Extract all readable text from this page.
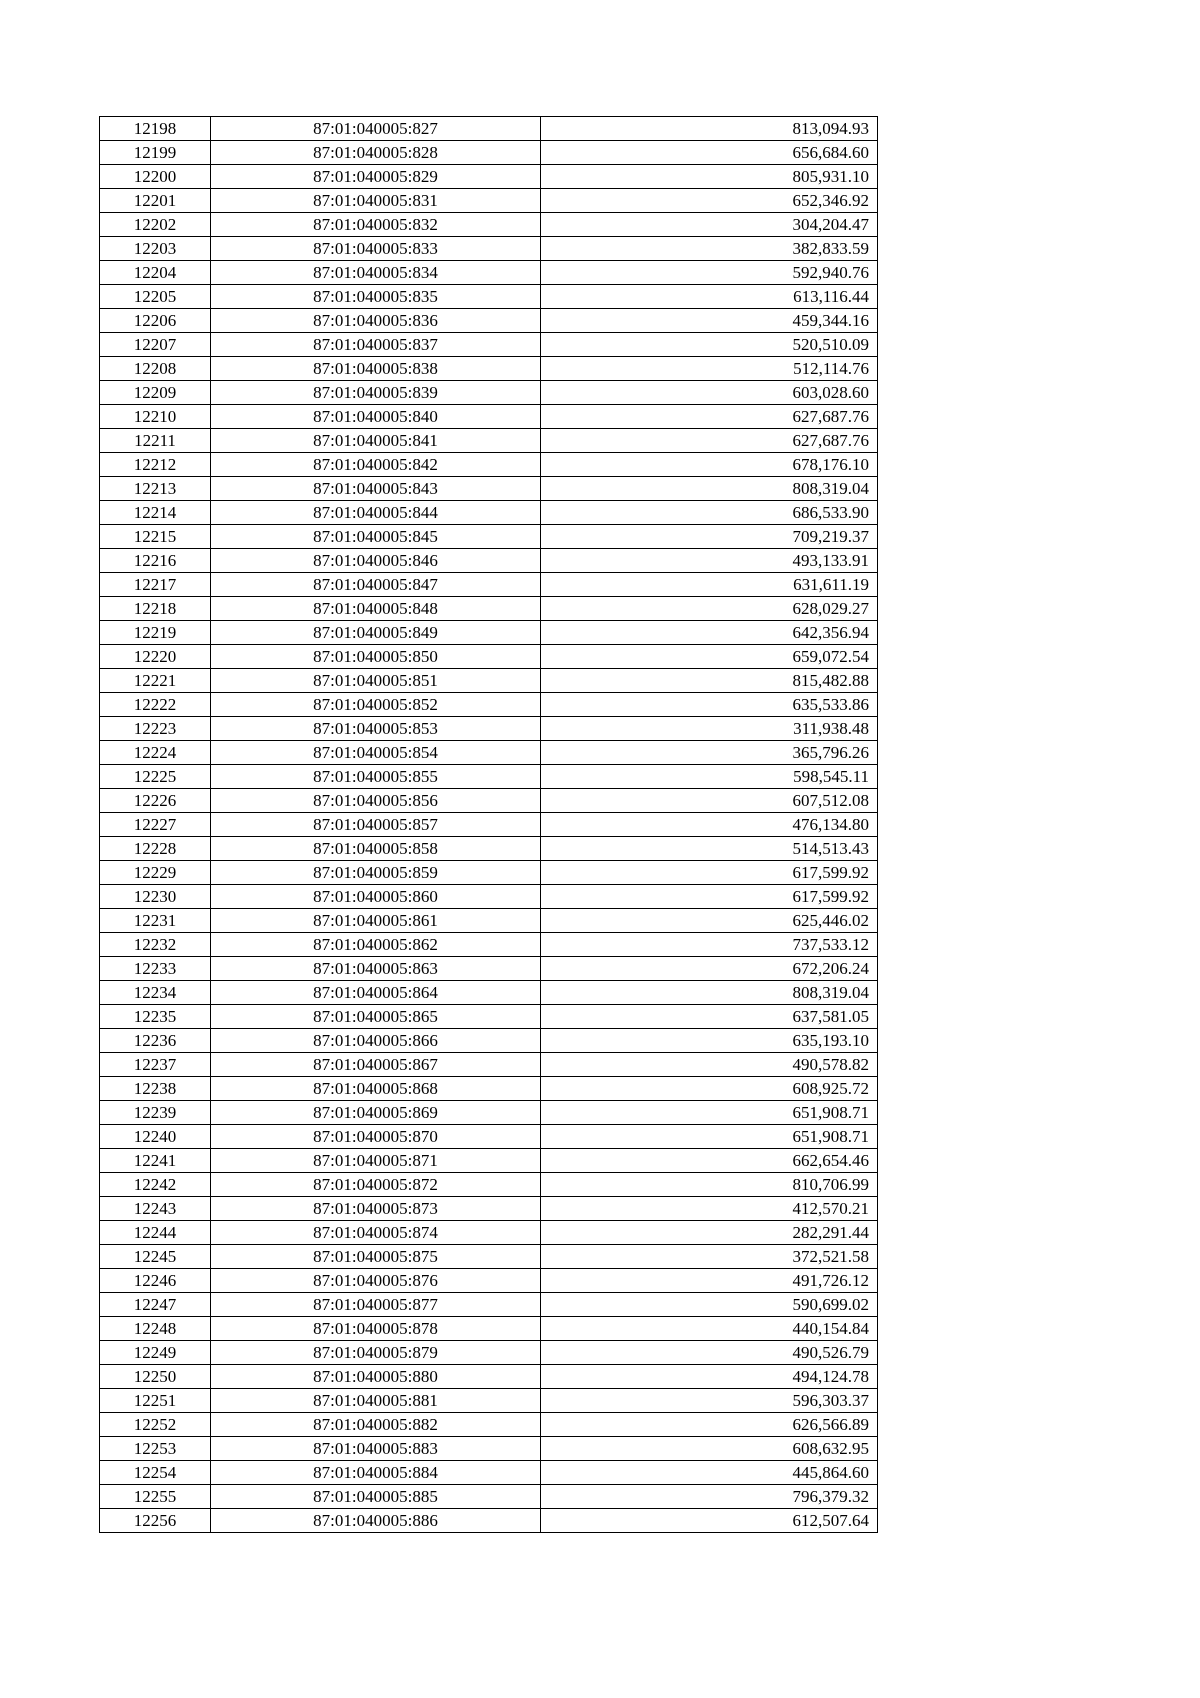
12198	87:01:040005:827	813,094.93
12199	87:01:040005:828	656,684.60
12200	87:01:040005:829	805,931.10
12201	87:01:040005:831	652,346.92
12202	87:01:040005:832	304,204.47
12203	87:01:040005:833	382,833.59
12204	87:01:040005:834	592,940.76
12205	87:01:040005:835	613,116.44
12206	87:01:040005:836	459,344.16
12207	87:01:040005:837	520,510.09
12208	87:01:040005:838	512,114.76
12209	87:01:040005:839	603,028.60
12210	87:01:040005:840	627,687.76
12211	87:01:040005:841	627,687.76
12212	87:01:040005:842	678,176.10
12213	87:01:040005:843	808,319.04
12214	87:01:040005:844	686,533.90
12215	87:01:040005:845	709,219.37
12216	87:01:040005:846	493,133.91
12217	87:01:040005:847	631,611.19
12218	87:01:040005:848	628,029.27
12219	87:01:040005:849	642,356.94
12220	87:01:040005:850	659,072.54
12221	87:01:040005:851	815,482.88
12222	87:01:040005:852	635,533.86
12223	87:01:040005:853	311,938.48
12224	87:01:040005:854	365,796.26
12225	87:01:040005:855	598,545.11
12226	87:01:040005:856	607,512.08
12227	87:01:040005:857	476,134.80
12228	87:01:040005:858	514,513.43
12229	87:01:040005:859	617,599.92
12230	87:01:040005:860	617,599.92
12231	87:01:040005:861	625,446.02
12232	87:01:040005:862	737,533.12
12233	87:01:040005:863	672,206.24
12234	87:01:040005:864	808,319.04
12235	87:01:040005:865	637,581.05
12236	87:01:040005:866	635,193.10
12237	87:01:040005:867	490,578.82
12238	87:01:040005:868	608,925.72
12239	87:01:040005:869	651,908.71
12240	87:01:040005:870	651,908.71
12241	87:01:040005:871	662,654.46
12242	87:01:040005:872	810,706.99
12243	87:01:040005:873	412,570.21
12244	87:01:040005:874	282,291.44
12245	87:01:040005:875	372,521.58
12246	87:01:040005:876	491,726.12
12247	87:01:040005:877	590,699.02
12248	87:01:040005:878	440,154.84
12249	87:01:040005:879	490,526.79
12250	87:01:040005:880	494,124.78
12251	87:01:040005:881	596,303.37
12252	87:01:040005:882	626,566.89
12253	87:01:040005:883	608,632.95
12254	87:01:040005:884	445,864.60
12255	87:01:040005:885	796,379.32
12256	87:01:040005:886	612,507.64
